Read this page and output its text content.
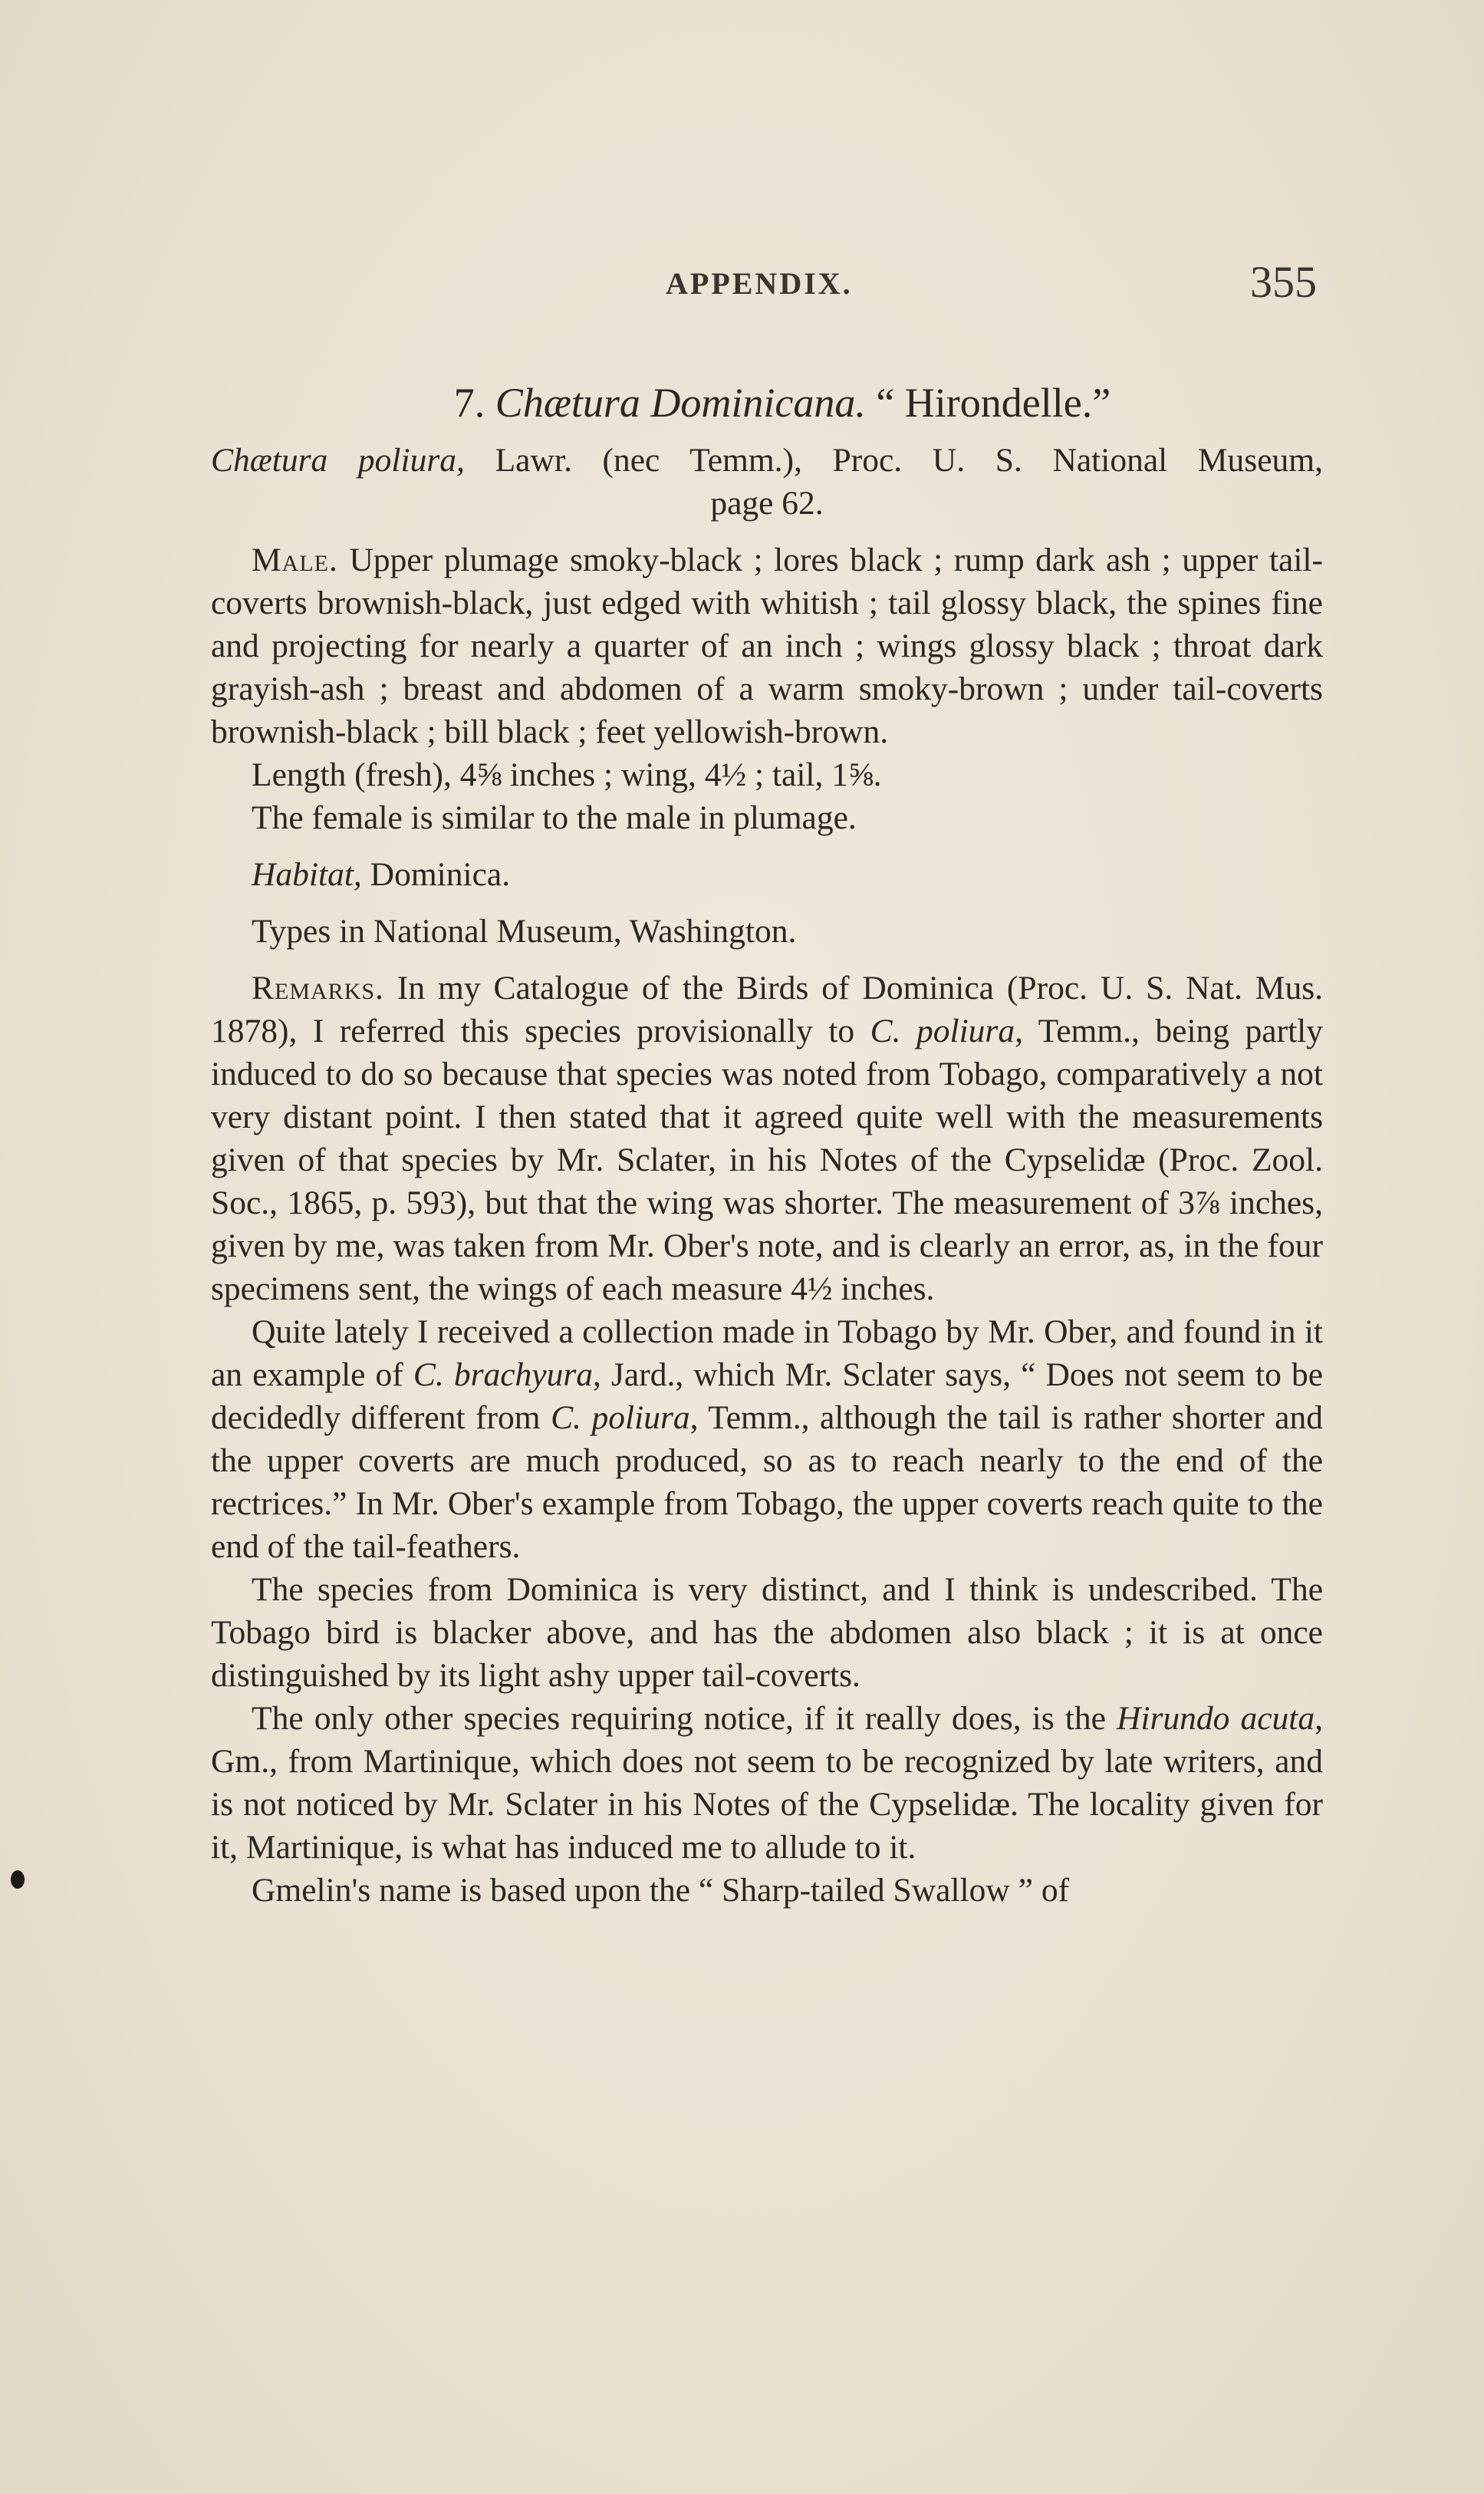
APPENDIX.	355
7. Chætura Dominicana. “ Hirondelle.”
Chætura poliura, Lawr. (nec Temm.), Proc. U. S. National Museum,
page 62.

Male. Upper plumage smoky-black ; lores black ; rump dark ash ; upper tail-coverts brownish-black, just edged with whitish ; tail glossy black, the spines fine and projecting for nearly a quarter of an inch ; wings glossy black ; throat dark grayish-ash ; breast and abdomen of a warm smoky-brown ; under tail-coverts brownish-black ; bill black ; feet yellowish-brown.

Length (fresh), 4⅝ inches ; wing, 4½ ; tail, 1⅝.

The female is similar to the male in plumage.

Habitat, Dominica.

Types in National Museum, Washington.

Remarks. In my Catalogue of the Birds of Dominica (Proc. U. S. Nat. Mus. 1878), I referred this species provisionally to C. poliura, Temm., being partly induced to do so because that species was noted from Tobago, comparatively a not very distant point. I then stated that it agreed quite well with the measurements given of that species by Mr. Sclater, in his Notes of the Cypselidæ (Proc. Zool. Soc., 1865, p. 593), but that the wing was shorter. The measurement of 3⅞ inches, given by me, was taken from Mr. Ober's note, and is clearly an error, as, in the four specimens sent, the wings of each measure 4½ inches.

Quite lately I received a collection made in Tobago by Mr. Ober, and found in it an example of C. brachyura, Jard., which Mr. Sclater says, “ Does not seem to be decidedly different from C. poliura, Temm., although the tail is rather shorter and the upper coverts are much produced, so as to reach nearly to the end of the rectrices.” In Mr. Ober's example from Tobago, the upper coverts reach quite to the end of the tail-feathers.

The species from Dominica is very distinct, and I think is undescribed. The Tobago bird is blacker above, and has the abdomen also black ; it is at once distinguished by its light ashy upper tail-coverts.

The only other species requiring notice, if it really does, is the Hirundo acuta, Gm., from Martinique, which does not seem to be recognized by late writers, and is not noticed by Mr. Sclater in his Notes of the Cypselidæ. The locality given for it, Martinique, is what has induced me to allude to it.

Gmelin's name is based upon the “ Sharp-tailed Swallow ” of
